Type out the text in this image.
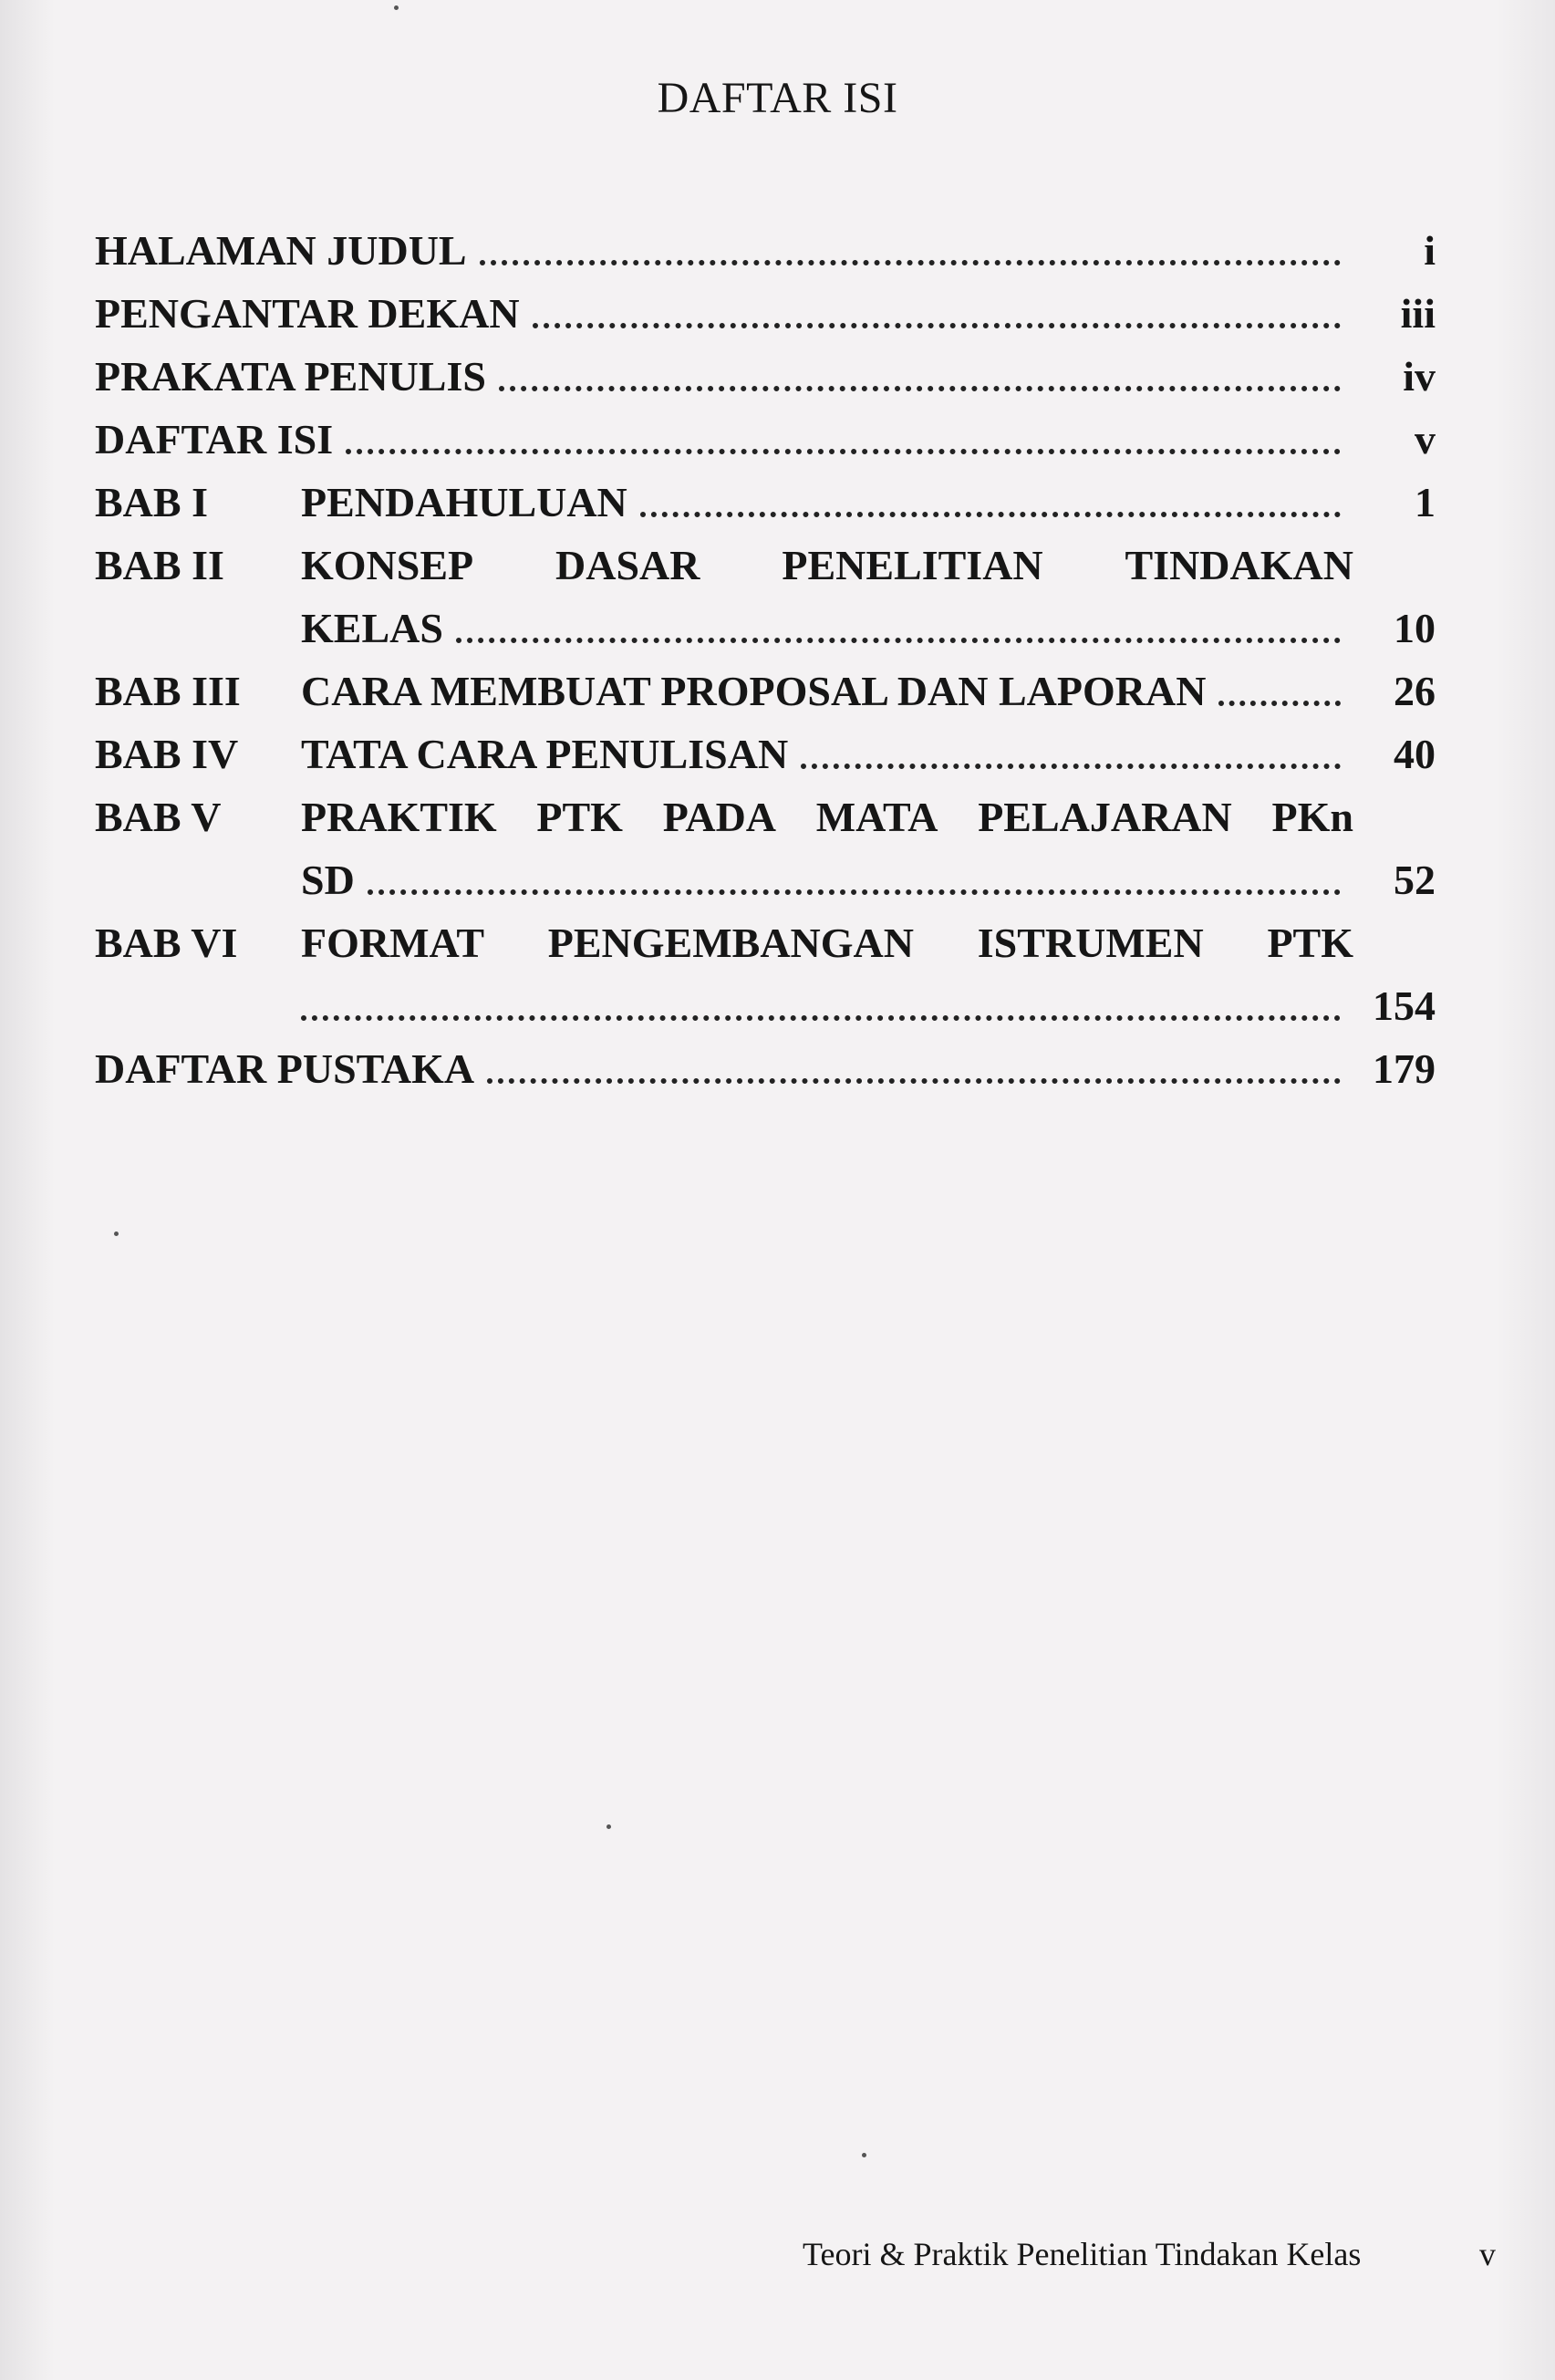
DAFTAR ISI
HALAMAN JUDUL	i
PENGANTAR DEKAN	iii
PRAKATA PENULIS	iv
DAFTAR ISI	v
BAB I PENDAHULUAN	1
BAB II KONSEP DASAR PENELITIAN TINDAKAN
KELAS	10
BAB III CARA MEMBUAT PROPOSAL DAN LAPORAN	26
BAB IV TATA CARA PENULISAN	40
BAB V PRAKTIK PTK PADA MATA PELAJARAN PKn
SD	52
BAB VI FORMAT PENGEMBANGAN ISTRUMEN PTK
154
DAFTAR PUSTAKA	179
Teori & Praktik Penelitian Tindakan Kelas	v
